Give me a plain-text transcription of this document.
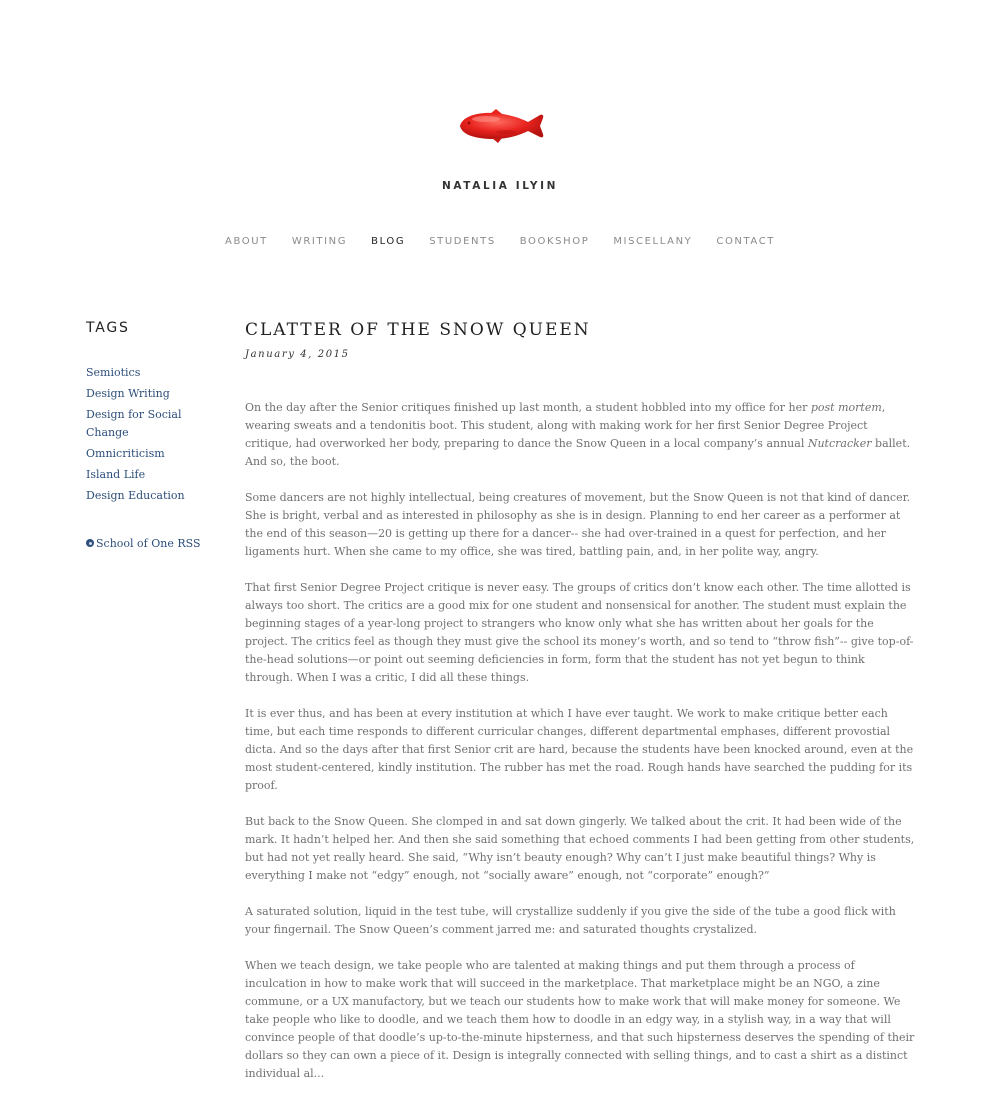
NATALIA ILYIN
ABOUT WRITING BLOG STUDENTS BOOKSHOP MISCELLANY CONTACT
TAGS
Semiotics
Design Writing
Design for Social Change
Omnicriticism
Island Life
Design Education
School of One RSS
CLATTER OF THE SNOW QUEEN

January 4, 2015

On the day after the Senior critiques finished up last month, a student hobbled into my office for her post mortem, wearing sweats and a tendonitis boot. This student, along with making work for her first Senior Degree Project critique, had overworked her body, preparing to dance the Snow Queen in a local company’s annual Nutcracker ballet. And so, the boot.

Some dancers are not highly intellectual, being creatures of movement, but the Snow Queen is not that kind of dancer. She is bright, verbal and as interested in philosophy as she is in design. Planning to end her career as a performer at the end of this season—20 is getting up there for a dancer-- she had over-trained in a quest for perfection, and her ligaments hurt. When she came to my office, she was tired, battling pain, and, in her polite way, angry.

That first Senior Degree Project critique is never easy. The groups of critics don’t know each other. The time allotted is always too short. The critics are a good mix for one student and nonsensical for another. The student must explain the beginning stages of a year-long project to strangers who know only what she has written about her goals for the project. The critics feel as though they must give the school its money’s worth, and so tend to “throw fish”-- give top-of-the-head solutions—or point out seeming deficiencies in form, form that the student has not yet begun to think through. When I was a critic, I did all these things.

It is ever thus, and has been at every institution at which I have ever taught. We work to make critique better each time, but each time responds to different curricular changes, different departmental emphases, different provostial dicta. And so the days after that first Senior crit are hard, because the students have been knocked around, even at the most student-centered, kindly institution. The rubber has met the road. Rough hands have searched the pudding for its proof.

But back to the Snow Queen. She clomped in and sat down gingerly. We talked about the crit. It had been wide of the mark. It hadn’t helped her. And then she said something that echoed comments I had been getting from other students, but had not yet really heard. She said, “Why isn’t beauty enough? Why can’t I just make beautiful things? Why is everything I make not “edgy” enough, not “socially aware” enough, not “corporate” enough?”

A saturated solution, liquid in the test tube, will crystallize suddenly if you give the side of the tube a good flick with your fingernail. The Snow Queen’s comment jarred me: and saturated thoughts crystalized.

When we teach design, we take people who are talented at making things and put them through a process of inculcation in how to make work that will succeed in the marketplace. That marketplace might be an NGO, a zine commune, or a UX manufactory, but we teach our students how to make work that will make money for someone. We take people who like to doodle, and we teach them how to doodle in an edgy way, in a stylish way, in a way that will convince people of that doodle’s up-to-the-minute hipsterness, and that such hipsterness deserves the spending of their dollars so they can own a piece of it. Design is integrally connected with selling things, and to cast a shirt as a distinct individual al...
